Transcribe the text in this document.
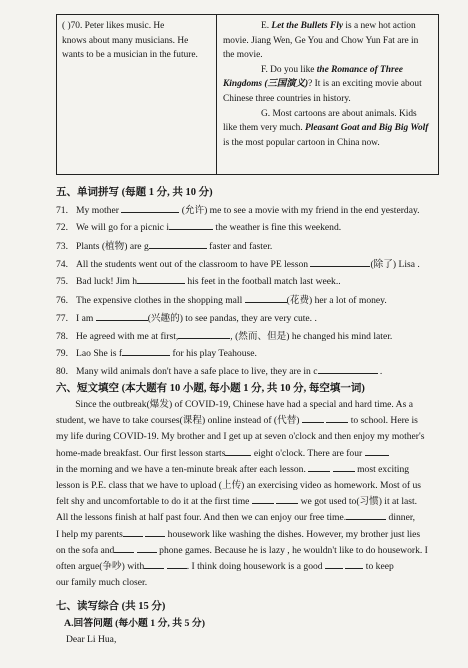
( )70. Peter likes music. He
knows about many musicians. He
wants to be a musician in the future.

E. Let the Bullets Fly is a new hot action movie. Jiang Wen, Ge You and Chow Yun Fat are in the movie.

F. Do you like the Romance of Three Kingdoms (三国演义)? It is an exciting movie about Chinese three countries in history.

G. Most cartoons are about animals. Kids like them very much. Pleasant Goat and Big Big Wolf is the most popular cartoon in China now.

五、单词拼写 (每题 1 分, 共 10 分)
71. My mother	(允许) me to see a movie with my friend in the end yesterday.
72. We will go for a picnic i	the weather is fine this weekend.
73. Plants (植物) are g	faster and faster.
74. All the students went out of the classroom to have PE lesson	(除了) Lisa .
75. Bad luck! Jim h	his feet in the football match last week..
76. The expensive clothes in the shopping mall	(花费) her a lot of money.
77. I am	(兴趣的) to see pandas, they are very cute. .
78. He agreed with me at first,	, (然而、但是) he changed his mind later.
79. Lao She is f	for his play Teahouse.
80. Many wild animals don't have a safe place to live, they are in c	.
六、短文填空 (本大题有 10 小题, 每小题 1 分, 共 10 分, 每空填一词)
Since the outbreak(爆发) of COVID-19, Chinese have had a special and hard time. As a
student, we have to take courses(课程) online instead of (代替)	to school. Here is
my life during COVID-19. My brother and I get up at seven o'clock and then enjoy my mother's
home-made breakfast. Our first lesson starts	eight o'clock. There are four
in the morning and we have a ten-minute break after each lesson.	most exciting
lesson is P.E. class that we have to upload (上传) an exercising video as homework. Most of us
felt shy and uncomfortable to do it at the first time	we got used to(习惯) it at last.
All the lessons finish at half past four. And then we can enjoy our free time.	dinner,
I help my parents	housework like washing the dishes. However, my brother just lies
on the sofa and	phone games. Because he is lazy , he wouldn't like to do housework. I
often argue(争吵) with	. I think doing housework is a good	to keep
our family much closer.
七、读写综合 (共 15 分)
A.回答问题 (每小题 1 分, 共 5 分)
Dear Li Hua,
